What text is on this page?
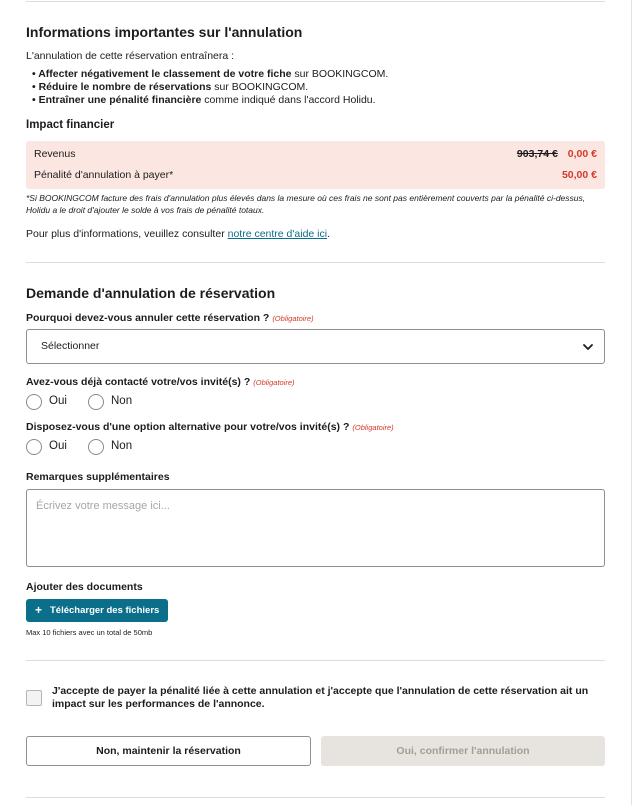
Informations importantes sur l'annulation
L'annulation de cette réservation entraînera :
• Affecter négativement le classement de votre fiche sur BOOKINGCOM.
• Réduire le nombre de réservations sur BOOKINGCOM.
• Entraîner une pénalité financière comme indiqué dans l'accord Holidu.
Impact financier
Revenus	903,74 € 0,00 €
Pénalité d'annulation à payer*	50,00 €
*Si BOOKINGCOM facture des frais d'annulation plus élevés dans la mesure où ces frais ne sont pas entièrement couverts par la pénalité ci-dessus, Holidu a le droit d'ajouter le solde à vos frais de pénalité totaux.
Pour plus d'informations, veuillez consulter notre centre d'aide ici.
Demande d'annulation de réservation
Pourquoi devez-vous annuler cette réservation ? (Obligatoire)
Sélectionner
Avez-vous déjà contacté votre/vos invité(s) ? (Obligatoire)
Oui	Non
Disposez-vous d'une option alternative pour votre/vos invité(s) ? (Obligatoire)
Oui	Non
Remarques supplémentaires
Écrivez votre message ici...
Ajouter des documents
+ Télécharger des fichiers
Max 10 fichiers avec un total de 50mb
J'accepte de payer la pénalité liée à cette annulation et j'accepte que l'annulation de cette réservation ait un impact sur les performances de l'annonce.
Non, maintenir la réservation	Oui, confirmer l'annulation
